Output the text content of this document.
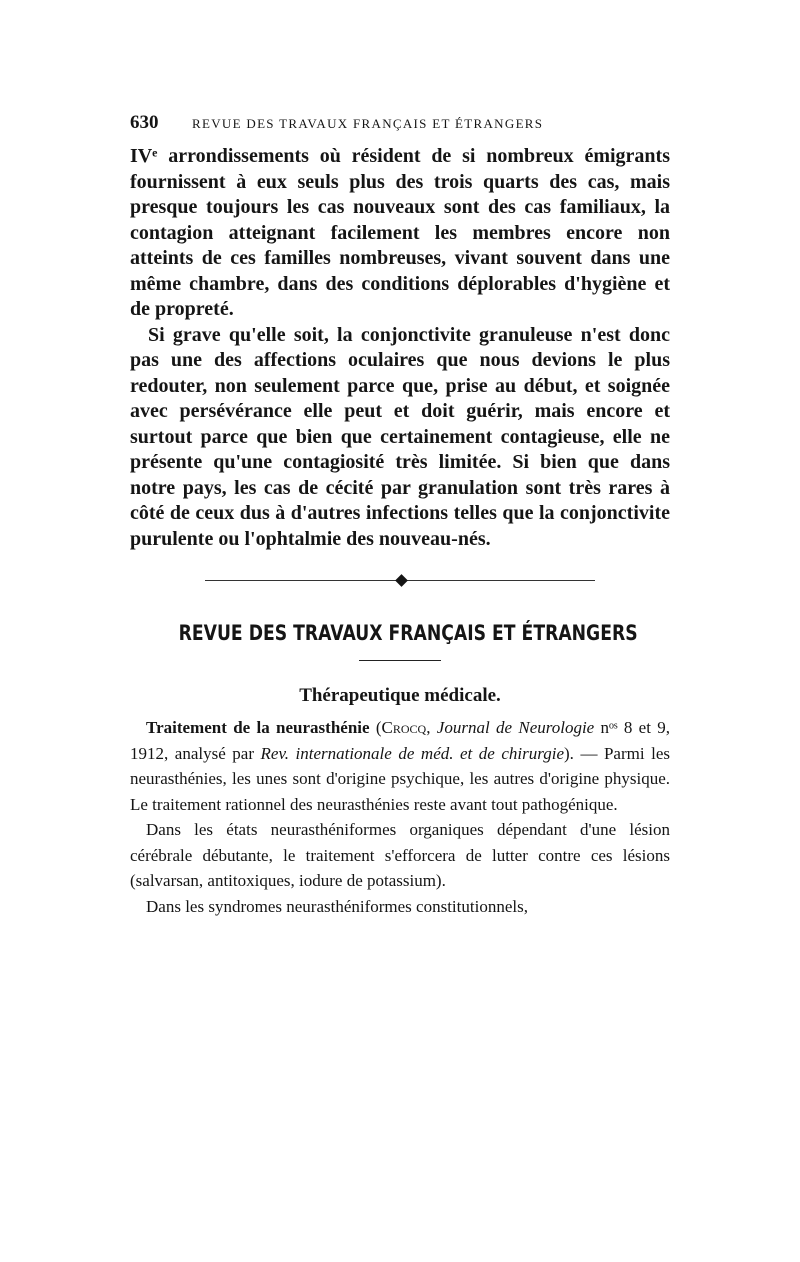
630	REVUE DES TRAVAUX FRANÇAIS ET ÉTRANGERS

IVᵉ arrondissements où résident de si nombreux émigrants fournissent à eux seuls plus des trois quarts des cas, mais presque toujours les cas nouveaux sont des cas familiaux, la contagion atteignant facilement les membres encore non atteints de ces familles nombreuses, vivant souvent dans une même chambre, dans des conditions déplorables d'hygiène et de propreté.

Si grave qu'elle soit, la conjonctivite granuleuse n'est donc pas une des affections oculaires que nous devions le plus redouter, non seulement parce que, prise au début, et soignée avec persévérance elle peut et doit guérir, mais encore et surtout parce que bien que certainement contagieuse, elle ne présente qu'une contagiosité très limitée. Si bien que dans notre pays, les cas de cécité par granulation sont très rares à côté de ceux dus à d'autres infections telles que la conjonctivite purulente ou l'ophtalmie des nouveau-nés.

REVUE DES TRAVAUX FRANÇAIS ET ÉTRANGERS
Thérapeutique médicale.

Traitement de la neurasthénie (Crocq, Journal de Neurologie nᵒˢ 8 et 9, 1912, analysé par Rev. internationale de méd. et de chirurgie). — Parmi les neurasthénies, les unes sont d'origine psychique, les autres d'origine physique. Le traitement rationnel des neurasthénies reste avant tout pathogénique.

Dans les états neurasthéniformes organiques dépendant d'une lésion cérébrale débutante, le traitement s'efforcera de lutter contre ces lésions (salvarsan, antitoxiques, iodure de potassium).

Dans les syndromes neurasthéniformes constitutionnels,
